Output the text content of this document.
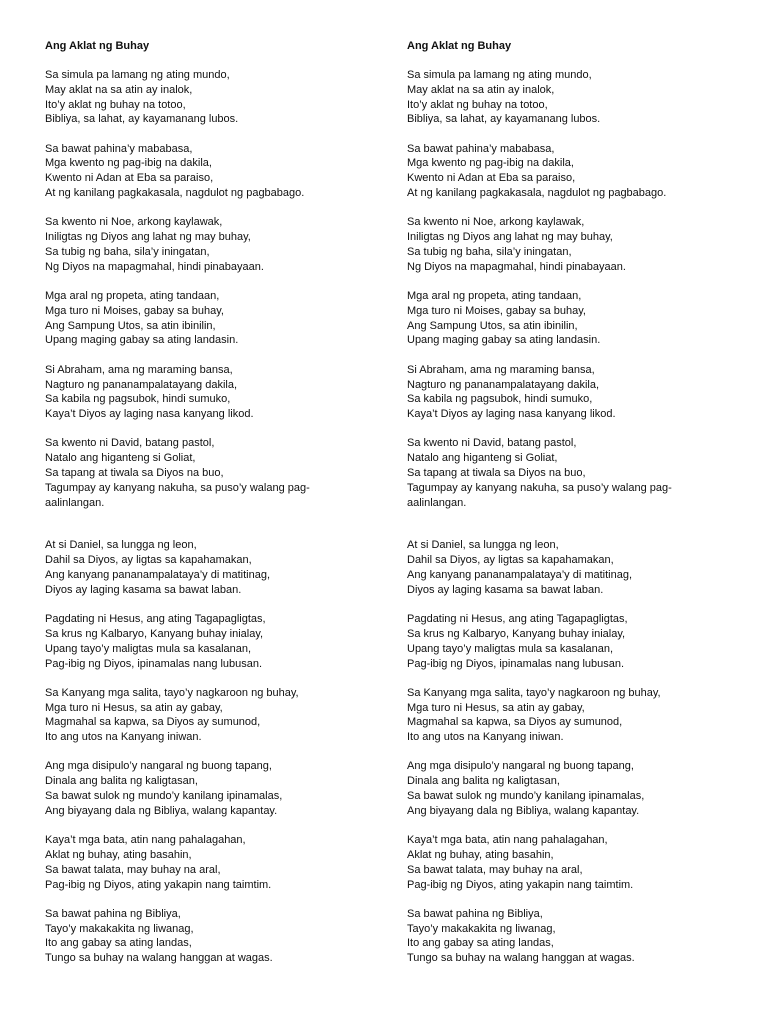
Ang Aklat ng Buhay
Sa simula pa lamang ng ating mundo,
May aklat na sa atin ay inalok,
Ito’y aklat ng buhay na totoo,
Bibliya, sa lahat, ay kayamanang lubos.
Sa bawat pahina’y mababasa,
Mga kwento ng pag-ibig na dakila,
Kwento ni Adan at Eba sa paraiso,
At ng kanilang pagkakasala, nagdulot ng pagbabago.
Sa kwento ni Noe, arkong kaylawak,
Iniligtas ng Diyos ang lahat ng may buhay,
Sa tubig ng baha, sila’y iningatan,
Ng Diyos na mapagmahal, hindi pinabayaan.
Mga aral ng propeta, ating tandaan,
Mga turo ni Moises, gabay sa buhay,
Ang Sampung Utos, sa atin ibinilin,
Upang maging gabay sa ating landasin.
Si Abraham, ama ng maraming bansa,
Nagturo ng pananampalatayang dakila,
Sa kabila ng pagsubok, hindi sumuko,
Kaya’t Diyos ay laging nasa kanyang likod.
Sa kwento ni David, batang pastol,
Natalo ang higanteng si Goliat,
Sa tapang at tiwala sa Diyos na buo,
Tagumpay ay kanyang nakuha, sa puso’y walang pag-
aalinlangan.
At si Daniel, sa lungga ng leon,
Dahil sa Diyos, ay ligtas sa kapahamakan,
Ang kanyang pananampalataya’y di matitinag,
Diyos ay laging kasama sa bawat laban.
Pagdating ni Hesus, ang ating Tagapagligtas,
Sa krus ng Kalbaryo, Kanyang buhay inialay,
Upang tayo’y maligtas mula sa kasalanan,
Pag-ibig ng Diyos, ipinamalas nang lubusan.
Sa Kanyang mga salita, tayo’y nagkaroon ng buhay,
Mga turo ni Hesus, sa atin ay gabay,
Magmahal sa kapwa, sa Diyos ay sumunod,
Ito ang utos na Kanyang iniwan.
Ang mga disipulo’y nangaral ng buong tapang,
Dinala ang balita ng kaligtasan,
Sa bawat sulok ng mundo’y kanilang ipinamalas,
Ang biyayang dala ng Bibliya, walang kapantay.
Kaya’t mga bata, atin nang pahalagahan,
Aklat ng buhay, ating basahin,
Sa bawat talata, may buhay na aral,
Pag-ibig ng Diyos, ating yakapin nang taimtim.
Sa bawat pahina ng Bibliya,
Tayo’y makakakita ng liwanag,
Ito ang gabay sa ating landas,
Tungo sa buhay na walang hanggan at wagas.
Ang Aklat ng Buhay
Sa simula pa lamang ng ating mundo,
May aklat na sa atin ay inalok,
Ito’y aklat ng buhay na totoo,
Bibliya, sa lahat, ay kayamanang lubos.
Sa bawat pahina’y mababasa,
Mga kwento ng pag-ibig na dakila,
Kwento ni Adan at Eba sa paraiso,
At ng kanilang pagkakasala, nagdulot ng pagbabago.
Sa kwento ni Noe, arkong kaylawak,
Iniligtas ng Diyos ang lahat ng may buhay,
Sa tubig ng baha, sila’y iningatan,
Ng Diyos na mapagmahal, hindi pinabayaan.
Mga aral ng propeta, ating tandaan,
Mga turo ni Moises, gabay sa buhay,
Ang Sampung Utos, sa atin ibinilin,
Upang maging gabay sa ating landasin.
Si Abraham, ama ng maraming bansa,
Nagturo ng pananampalatayang dakila,
Sa kabila ng pagsubok, hindi sumuko,
Kaya’t Diyos ay laging nasa kanyang likod.
Sa kwento ni David, batang pastol,
Natalo ang higanteng si Goliat,
Sa tapang at tiwala sa Diyos na buo,
Tagumpay ay kanyang nakuha, sa puso’y walang pag-
aalinlangan.
At si Daniel, sa lungga ng leon,
Dahil sa Diyos, ay ligtas sa kapahamakan,
Ang kanyang pananampalataya’y di matitinag,
Diyos ay laging kasama sa bawat laban.
Pagdating ni Hesus, ang ating Tagapagligtas,
Sa krus ng Kalbaryo, Kanyang buhay inialay,
Upang tayo’y maligtas mula sa kasalanan,
Pag-ibig ng Diyos, ipinamalas nang lubusan.
Sa Kanyang mga salita, tayo’y nagkaroon ng buhay,
Mga turo ni Hesus, sa atin ay gabay,
Magmahal sa kapwa, sa Diyos ay sumunod,
Ito ang utos na Kanyang iniwan.
Ang mga disipulo’y nangaral ng buong tapang,
Dinala ang balita ng kaligtasan,
Sa bawat sulok ng mundo’y kanilang ipinamalas,
Ang biyayang dala ng Bibliya, walang kapantay.
Kaya’t mga bata, atin nang pahalagahan,
Aklat ng buhay, ating basahin,
Sa bawat talata, may buhay na aral,
Pag-ibig ng Diyos, ating yakapin nang taimtim.
Sa bawat pahina ng Bibliya,
Tayo’y makakakita ng liwanag,
Ito ang gabay sa ating landas,
Tungo sa buhay na walang hanggan at wagas.
